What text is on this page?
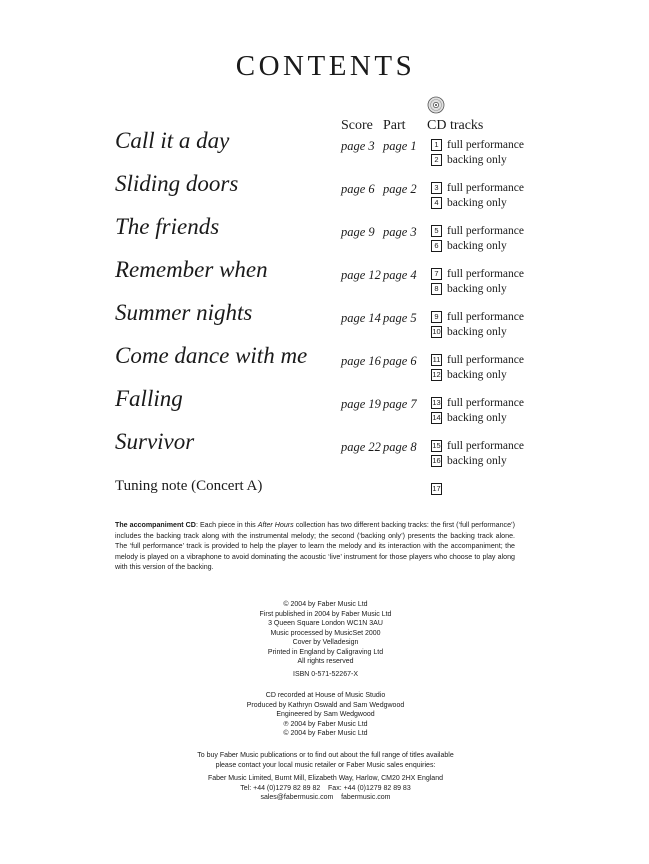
CONTENTS
Score Part CD tracks
Call it a day	page 3 page 1	1 full performance
2 backing only
Sliding doors	page 6 page 2	3 full performance
4 backing only
The friends	page 9 page 3	5 full performance
6 backing only
Remember when	page 12 page 4	7 full performance
8 backing only
Summer nights	page 14 page 5	9 full performance
10 backing only
Come dance with me	page 16 page 6 11 full performance
12 backing only
Falling	page 19 page 7 13 full performance
14 backing only
Survivor	page 22 page 8 15 full performance
16 backing only
Tuning note (Concert A)	17
The accompaniment CD: Each piece in this After Hours collection has two different backing tracks: the first (‘full performance’) includes the backing track along with the instrumental melody; the second (‘backing only’) presents the backing track alone. The ‘full performance’ track is provided to help the player to learn the melody and its interaction with the accompaniment; the melody is played on a vibraphone to avoid dominating the acoustic ‘live’ instrument for those players who choose to play along with this version of the backing.
© 2004 by Faber Music Ltd
First published in 2004 by Faber Music Ltd
3 Queen Square London WC1N 3AU
Music processed by MusicSet 2000
Cover by Velladesign
Printed in England by Caligraving Ltd
All rights reserved
ISBN 0-571-52267-X
CD recorded at House of Music Studio
Produced by Kathryn Oswald and Sam Wedgwood
Engineered by Sam Wedgwood
℗ 2004 by Faber Music Ltd
© 2004 by Faber Music Ltd
To buy Faber Music publications or to find out about the full range of titles available
please contact your local music retailer or Faber Music sales enquiries:
Faber Music Limited, Burnt Mill, Elizabeth Way, Harlow, CM20 2HX England
Tel: +44 (0)1279 82 89 82    Fax: +44 (0)1279 82 89 83
sales@fabermusic.com    fabermusic.com
